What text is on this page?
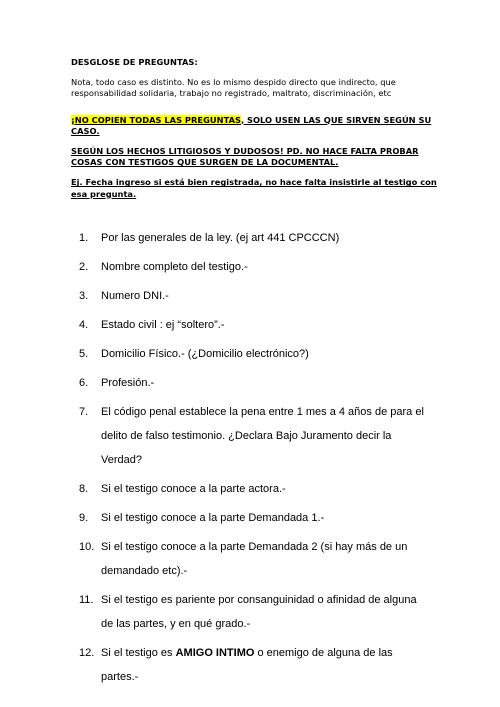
DESGLOSE DE PREGUNTAS:

Nota, todo caso es distinto. No es lo mismo despido directo que indirecto, que responsabilidad solidaria, trabajo no registrado, maltrato, discriminación, etc

¡NO COPIEN TODAS LAS PREGUNTAS, SOLO USEN LAS QUE SIRVEN SEGÚN SU CASO.

SEGÚN LOS HECHOS LITIGIOSOS Y DUDOSOS! PD. NO HACE FALTA PROBAR COSAS CON TESTIGOS QUE SURGEN DE LA DOCUMENTAL.

Ej. Fecha ingreso si está bien registrada, no hace falta insistirle al testigo con esa pregunta.

1.	Por las generales de la ley. (ej art 441 CPCCCN)
2.	Nombre completo del testigo.-
3.	Numero DNI.-
4.	Estado civil : ej “soltero”.-
5.	Domicilio Físico.- (¿Domicilio electrónico?)
6.	Profesión.-
7.	El código penal establece la pena entre 1 mes a 4 años de para el delito de falso testimonio. ¿Declara Bajo Juramento decir la Verdad?
8.	Si el testigo conoce a la parte actora.-
9.	Si el testigo conoce a la parte Demandada 1.-
10. Si el testigo conoce a la parte Demandada 2 (si hay más de un demandado etc).-
11. Si el testigo es pariente por consanguinidad o afinidad de alguna de las partes, y en qué grado.-
12. Si el testigo es AMIGO INTIMO o enemigo de alguna de las partes.-
